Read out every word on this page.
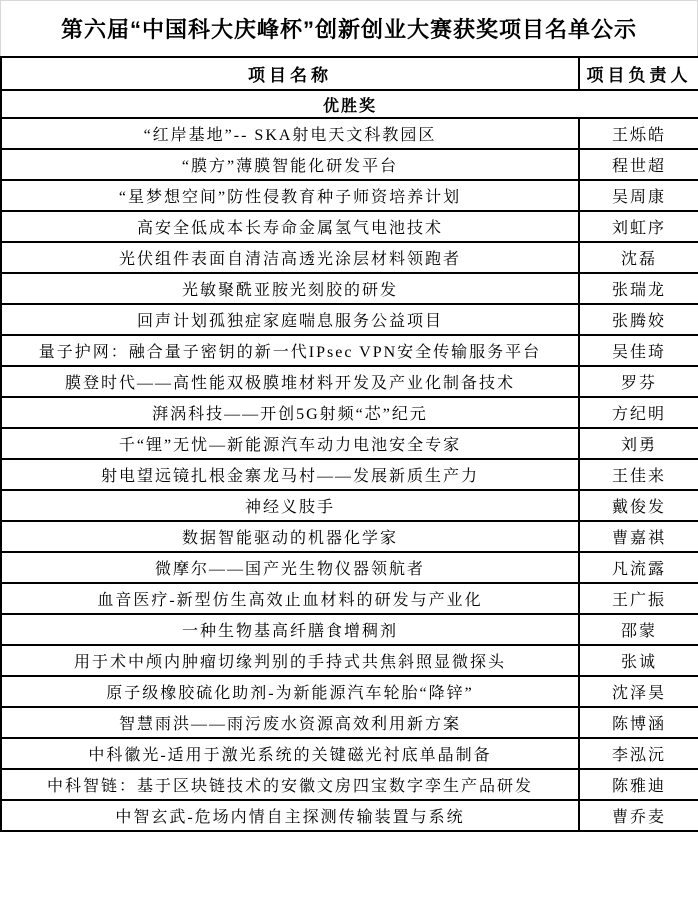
第六届“中国科大庆峰杯”创新创业大赛获奖项目名单公示
项目名称	项目负责人
优胜奖	
“红岸基地”-- SKA射电天文科教园区	王烁皓
“膜方”薄膜智能化研发平台	程世超
“星梦想空间”防性侵教育种子师资培养计划	吴周康
高安全低成本长寿命金属氢气电池技术	刘虹序
光伏组件表面自清洁高透光涂层材料领跑者	沈磊
光敏聚酰亚胺光刻胶的研发	张瑞龙
回声计划孤独症家庭喘息服务公益项目	张腾姣
量子护网：融合量子密钥的新一代IPsec VPN安全传输服务平台	吴佳琦
膜登时代——高性能双极膜堆材料开发及产业化制备技术	罗芬
湃涡科技——开创5G射频“芯”纪元	方纪明
千“锂”无忧—新能源汽车动力电池安全专家	刘勇
射电望远镜扎根金寨龙马村——发展新质生产力	王佳来
神经义肢手	戴俊发
数据智能驱动的机器化学家	曹嘉祺
微摩尔——国产光生物仪器领航者	凡流露
血音医疗-新型仿生高效止血材料的研发与产业化	王广振
一种生物基高纤膳食增稠剂	邵蒙
用于术中颅内肿瘤切缘判别的手持式共焦斜照显微探头	张诚
原子级橡胶硫化助剂-为新能源汽车轮胎“降锌”	沈泽昊
智慧雨洪——雨污废水资源高效利用新方案	陈博涵
中科徽光-适用于激光系统的关键磁光衬底单晶制备	李泓沅
中科智链：基于区块链技术的安徽文房四宝数字孪生产品研发	陈雅迪
中智玄武-危场内情自主探测传输装置与系统	曹乔麦
